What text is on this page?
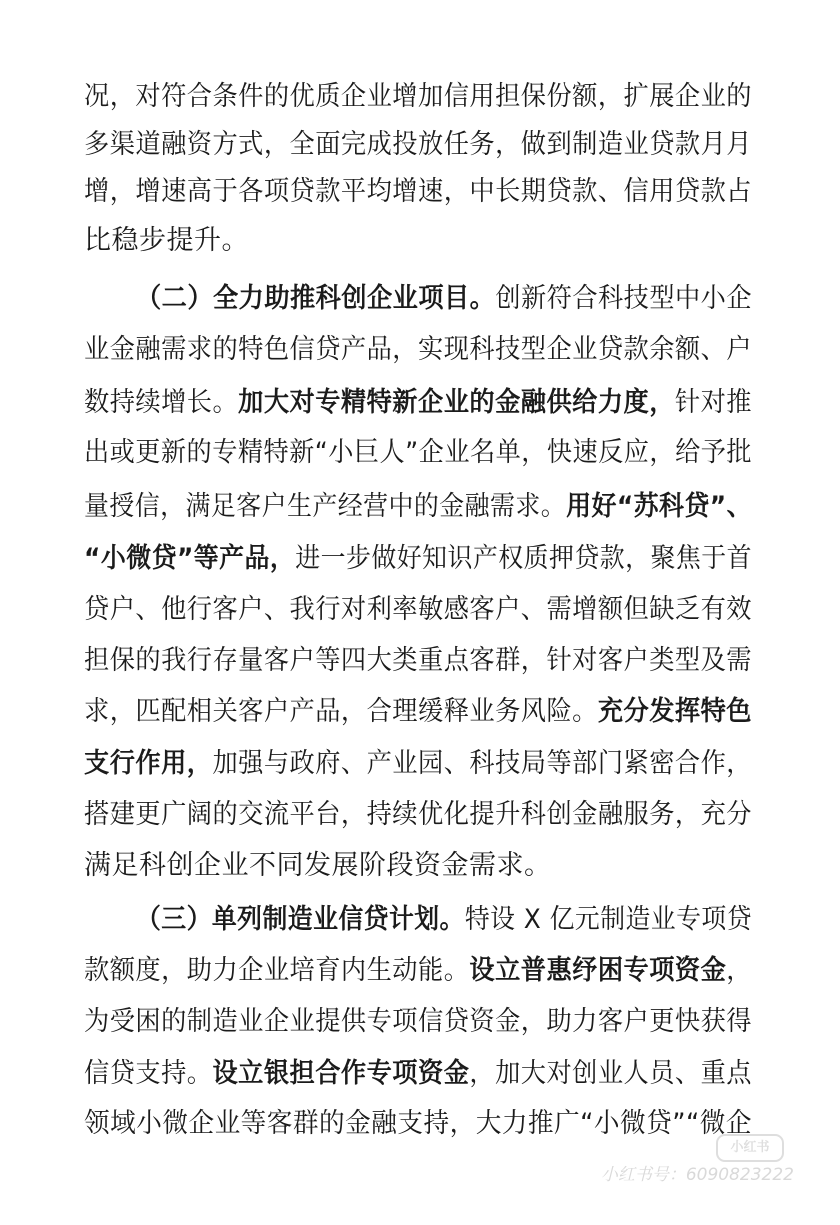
况，对符合条件的优质企业增加信用担保份额，扩展企业的
多渠道融资方式，全面完成投放任务，做到制造业贷款月月
增，增速高于各项贷款平均增速，中长期贷款、信用贷款占
比稳步提升。
（二）全力助推科创企业项目。创新符合科技型中小企
业金融需求的特色信贷产品，实现科技型企业贷款余额、户
数持续增长。加大对专精特新企业的金融供给力度，针对推
出或更新的专精特新“小巨人”企业名单，快速反应，给予批
量授信，满足客户生产经营中的金融需求。用好“苏科贷”、
“小微贷”等产品，进一步做好知识产权质押贷款，聚焦于首
贷户、他行客户、我行对利率敏感客户、需增额但缺乏有效
担保的我行存量客户等四大类重点客群，针对客户类型及需
求，匹配相关客户产品，合理缓释业务风险。充分发挥特色
支行作用，加强与政府、产业园、科技局等部门紧密合作，
搭建更广阔的交流平台，持续优化提升科创金融服务，充分
满足科创企业不同发展阶段资金需求。
（三）单列制造业信贷计划。特设 X 亿元制造业专项贷
款额度，助力企业培育内生动能。设立普惠纾困专项资金，
为受困的制造业企业提供专项信贷资金，助力客户更快获得
信贷支持。设立银担合作专项资金，加大对创业人员、重点
领域小微企业等客群的金融支持，大力推广“小微贷”“微企
小红书
小红书号：6090823222
